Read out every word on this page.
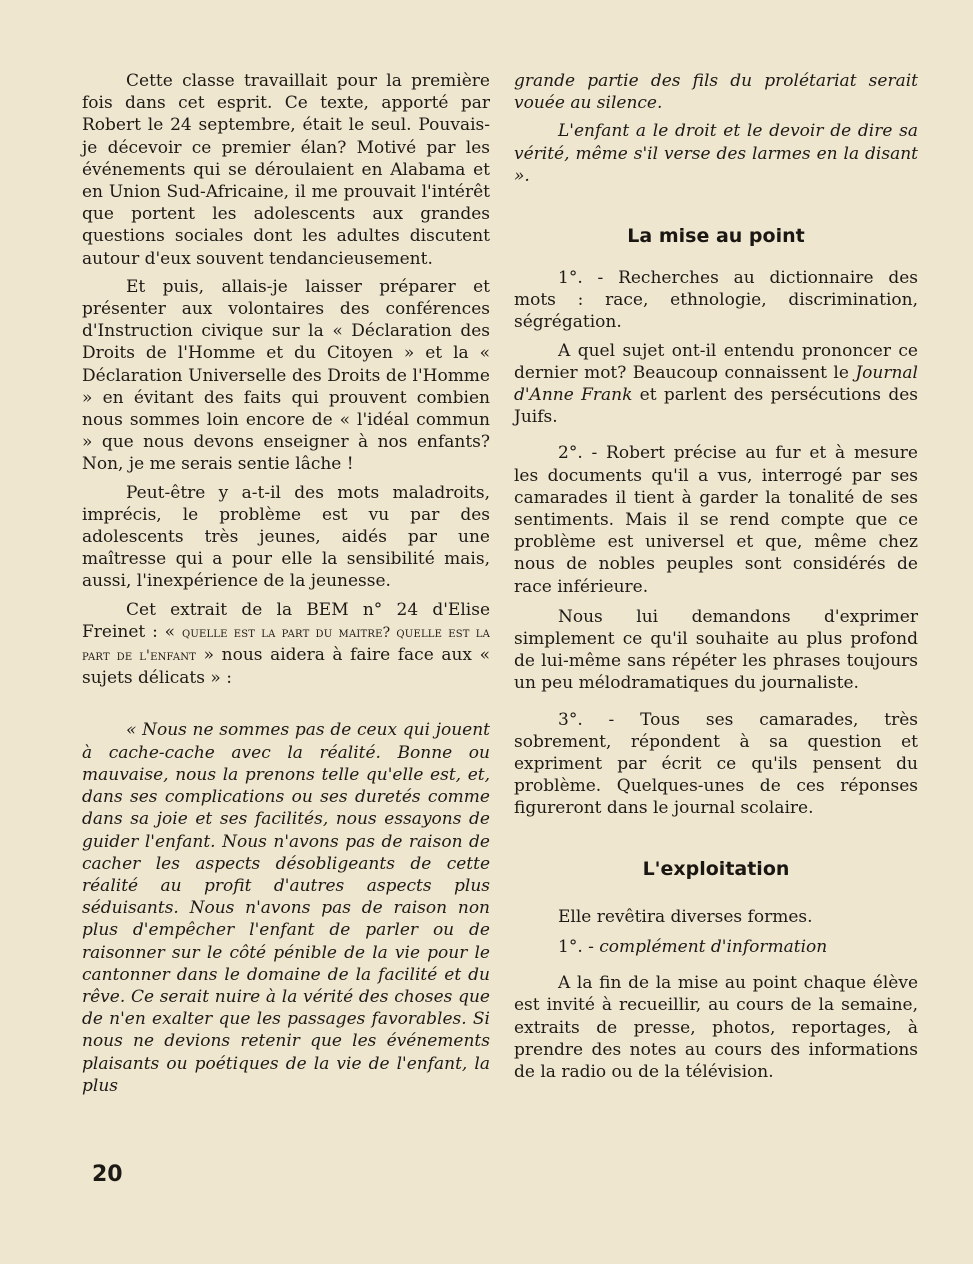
Cette classe travaillait pour la première fois dans cet esprit. Ce texte, apporté par Robert le 24 septembre, était le seul. Pouvais-je décevoir ce premier élan? Motivé par les événements qui se déroulaient en Alabama et en Union Sud-Africaine, il me prouvait l'intérêt que portent les adolescents aux grandes questions sociales dont les adultes discutent autour d'eux souvent tendancieusement.

Et puis, allais-je laisser préparer et présenter aux volontaires des conférences d'Instruction civique sur la « Déclaration des Droits de l'Homme et du Citoyen » et la « Déclaration Universelle des Droits de l'Homme » en évitant des faits qui prouvent combien nous sommes loin encore de « l'idéal commun » que nous devons enseigner à nos enfants? Non, je me serais sentie lâche !

Peut-être y a-t-il des mots maladroits, imprécis, le problème est vu par des adolescents très jeunes, aidés par une maîtresse qui a pour elle la sensibilité mais, aussi, l'inexpérience de la jeunesse.

Cet extrait de la BEM n° 24 d'Elise Freinet : « quelle est la part du maitre? quelle est la part de l'enfant » nous aidera à faire face aux « sujets délicats » :

« Nous ne sommes pas de ceux qui jouent à cache-cache avec la réalité. Bonne ou mauvaise, nous la prenons telle qu'elle est, et, dans ses complications ou ses duretés comme dans sa joie et ses facilités, nous essayons de guider l'enfant. Nous n'avons pas de raison de cacher les aspects désobligeants de cette réalité au profit d'autres aspects plus séduisants. Nous n'avons pas de raison non plus d'empêcher l'enfant de parler ou de raisonner sur le côté pénible de la vie pour le cantonner dans le domaine de la facilité et du rêve. Ce serait nuire à la vérité des choses que de n'en exalter que les passages favorables. Si nous ne devions retenir que les événements plaisants ou poétiques de la vie de l'enfant, la plus

grande partie des fils du prolétariat serait vouée au silence.

L'enfant a le droit et le devoir de dire sa vérité, même s'il verse des larmes en la disant ».

La mise au point

1°. - Recherches au dictionnaire des mots : race, ethnologie, discrimination, ségrégation.

A quel sujet ont-il entendu prononcer ce dernier mot? Beaucoup connaissent le Journal d'Anne Frank et parlent des persécutions des Juifs.

2°. - Robert précise au fur et à mesure les documents qu'il a vus, interrogé par ses camarades il tient à garder la tonalité de ses sentiments. Mais il se rend compte que ce problème est universel et que, même chez nous de nobles peuples sont considérés de race inférieure.

Nous lui demandons d'exprimer simplement ce qu'il souhaite au plus profond de lui-même sans répéter les phrases toujours un peu mélodramatiques du journaliste.

3°. - Tous ses camarades, très sobrement, répondent à sa question et expriment par écrit ce qu'ils pensent du problème. Quelques-unes de ces réponses figureront dans le journal scolaire.

L'exploitation

Elle revêtira diverses formes.

1°. - complément d'information

A la fin de la mise au point chaque élève est invité à recueillir, au cours de la semaine, extraits de presse, photos, reportages, à prendre des notes au cours des informations de la radio ou de la télévision.

20
